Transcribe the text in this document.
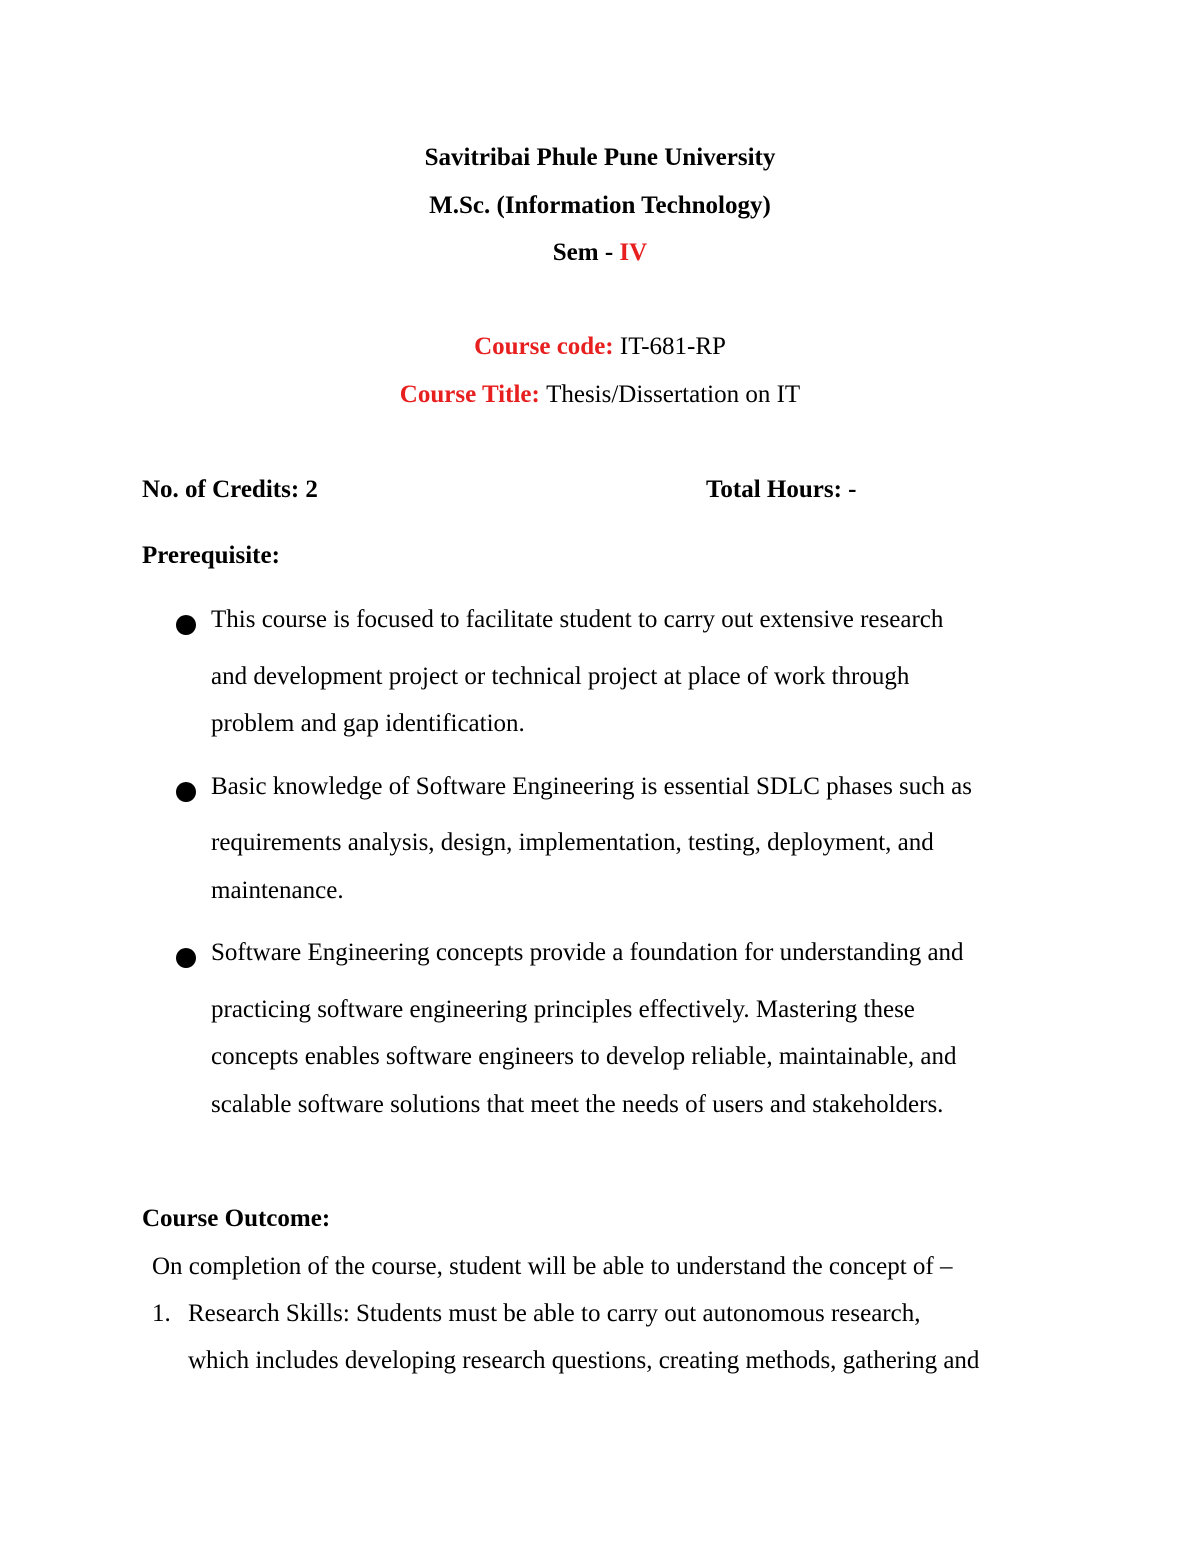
Savitribai Phule Pune University
M.Sc. (Information Technology)
Sem - IV
Course code: IT-681-RP
Course Title: Thesis/Dissertation on IT
No. of Credits: 2	Total Hours: -
Prerequisite:
This course is focused to facilitate student to carry out extensive research
and development project or technical project at place of work through
problem and gap identification.
Basic knowledge of Software Engineering is essential SDLC phases such as
requirements analysis, design, implementation, testing, deployment, and
maintenance.
Software Engineering concepts provide a foundation for understanding and
practicing software engineering principles effectively. Mastering these
concepts enables software engineers to develop reliable, maintainable, and
scalable software solutions that meet the needs of users and stakeholders.
Course Outcome:
On completion of the course, student will be able to understand the concept of –
1. Research Skills: Students must be able to carry out autonomous research,
which includes developing research questions, creating methods, gathering and
